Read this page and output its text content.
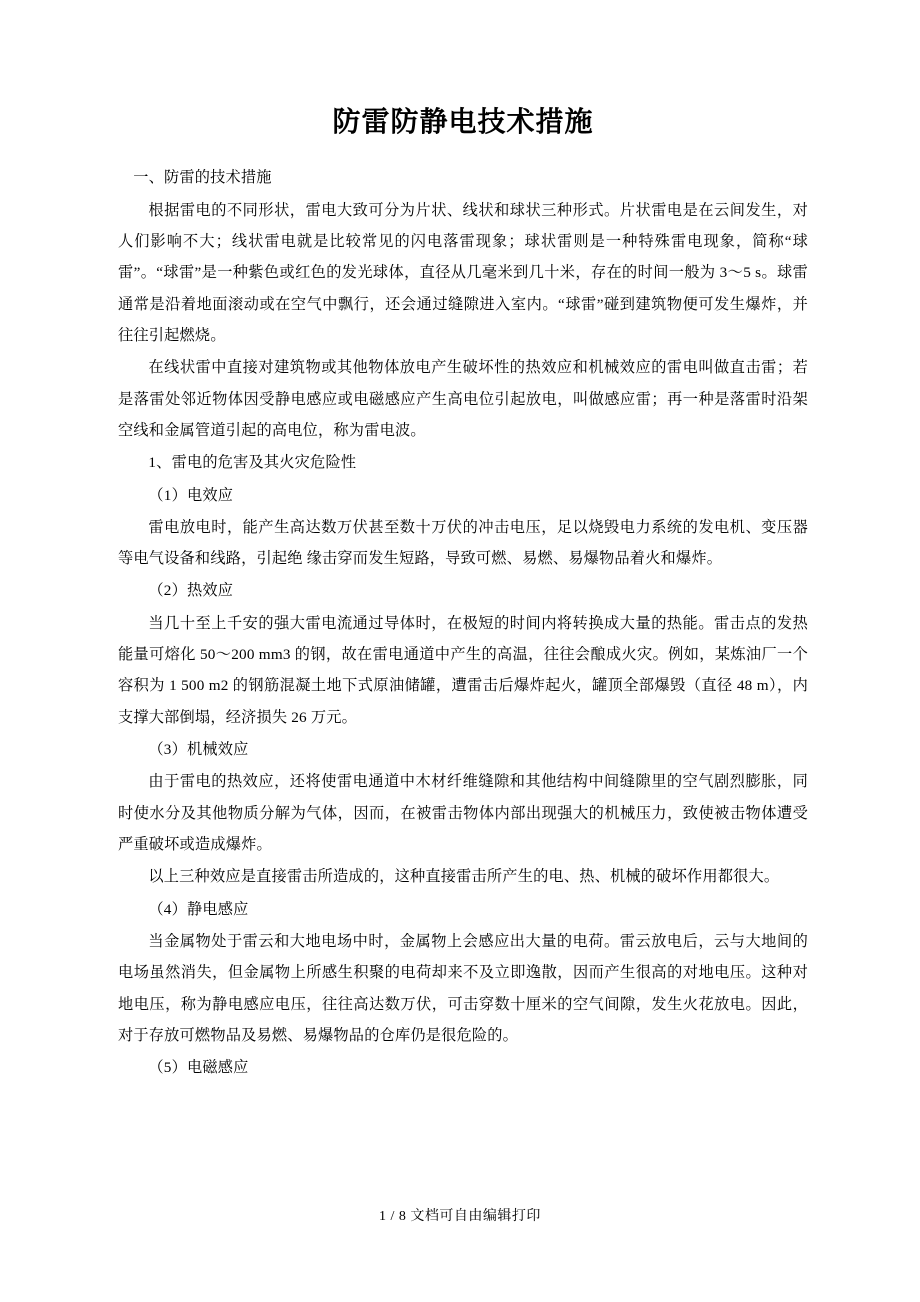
防雷防静电技术措施

一、防雷的技术措施

根据雷电的不同形状，雷电大致可分为片状、线状和球状三种形式。片状雷电是在云间发生，对人们影响不大；线状雷电就是比较常见的闪电落雷现象；球状雷则是一种特殊雷电现象，简称“球雷”。“球雷”是一种紫色或红色的发光球体，直径从几毫米到几十米，存在的时间一般为 3～5 s。球雷通常是沿着地面滚动或在空气中飘行，还会通过缝隙进入室内。“球雷”碰到建筑物便可发生爆炸，并往往引起燃烧。

在线状雷中直接对建筑物或其他物体放电产生破坏性的热效应和机械效应的雷电叫做直击雷；若是落雷处邻近物体因受静电感应或电磁感应产生高电位引起放电，叫做感应雷；再一种是落雷时沿架空线和金属管道引起的高电位，称为雷电波。

1、雷电的危害及其火灾危险性

（1）电效应

雷电放电时，能产生高达数万伏甚至数十万伏的冲击电压，足以烧毁电力系统的发电机、变压器等电气设备和线路，引起绝 缘击穿而发生短路，导致可燃、易燃、易爆物品着火和爆炸。

（2）热效应

当几十至上千安的强大雷电流通过导体时，在极短的时间内将转换成大量的热能。雷击点的发热能量可熔化 50～200 mm3 的钢，故在雷电通道中产生的高温，往往会酿成火灾。例如，某炼油厂一个容积为 1 500 m2 的钢筋混凝土地下式原油储罐，遭雷击后爆炸起火，罐顶全部爆毁（直径 48 m），内支撑大部倒塌，经济损失 26 万元。

（3）机械效应

由于雷电的热效应，还将使雷电通道中木材纤维缝隙和其他结构中间缝隙里的空气剧烈膨胀，同时使水分及其他物质分解为气体，因而，在被雷击物体内部出现强大的机械压力，致使被击物体遭受严重破坏或造成爆炸。

以上三种效应是直接雷击所造成的，这种直接雷击所产生的电、热、机械的破坏作用都很大。

（4）静电感应

当金属物处于雷云和大地电场中时，金属物上会感应出大量的电荷。雷云放电后，云与大地间的电场虽然消失，但金属物上所感生积聚的电荷却来不及立即逸散，因而产生很高的对地电压。这种对地电压，称为静电感应电压，往往高达数万伏，可击穿数十厘米的空气间隙，发生火花放电。因此，对于存放可燃物品及易燃、易爆物品的仓库仍是很危险的。

（5）电磁感应

1 / 8 文档可自由编辑打印
